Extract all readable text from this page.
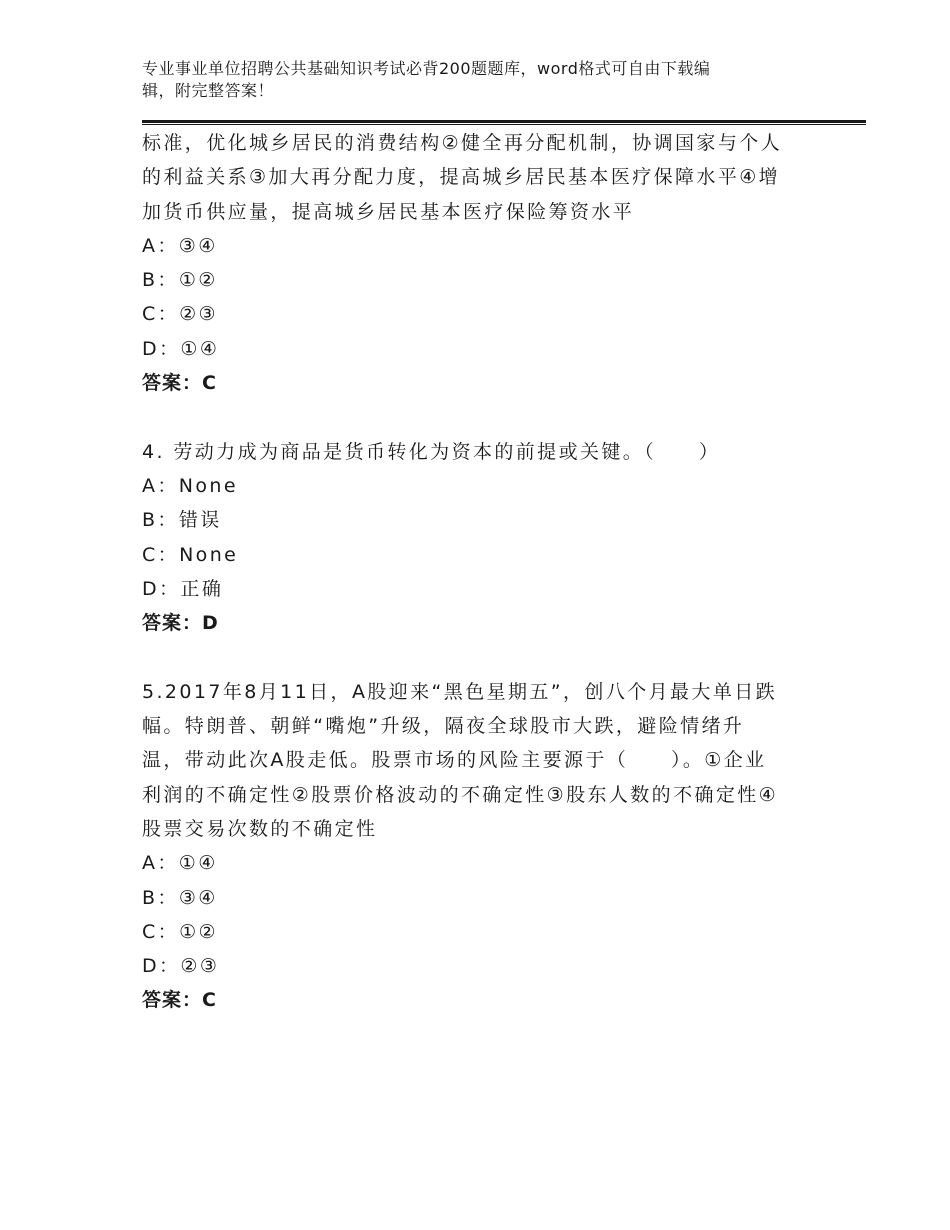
专业事业单位招聘公共基础知识考试必背200题题库，word格式可自由下载编
辑，附完整答案！
标准，优化城乡居民的消费结构②健全再分配机制，协调国家与个人
的利益关系③加大再分配力度，提高城乡居民基本医疗保障水平④增
加货币供应量，提高城乡居民基本医疗保险筹资水平
A：③④
B：①②
C：②③
D：①④
答案：C
4. 劳动力成为商品是货币转化为资本的前提或关键。（　　）
A：None
B：错误
C：None
D：正确
答案：D
5.2017年8月11日，A股迎来“黑色星期五”，创八个月最大单日跌
幅。特朗普、朝鲜“嘴炮”升级，隔夜全球股市大跌，避险情绪升
温，带动此次A股走低。股票市场的风险主要源于（　　）。①企业
利润的不确定性②股票价格波动的不确定性③股东人数的不确定性④
股票交易次数的不确定性
A：①④
B：③④
C：①②
D：②③
答案：C
